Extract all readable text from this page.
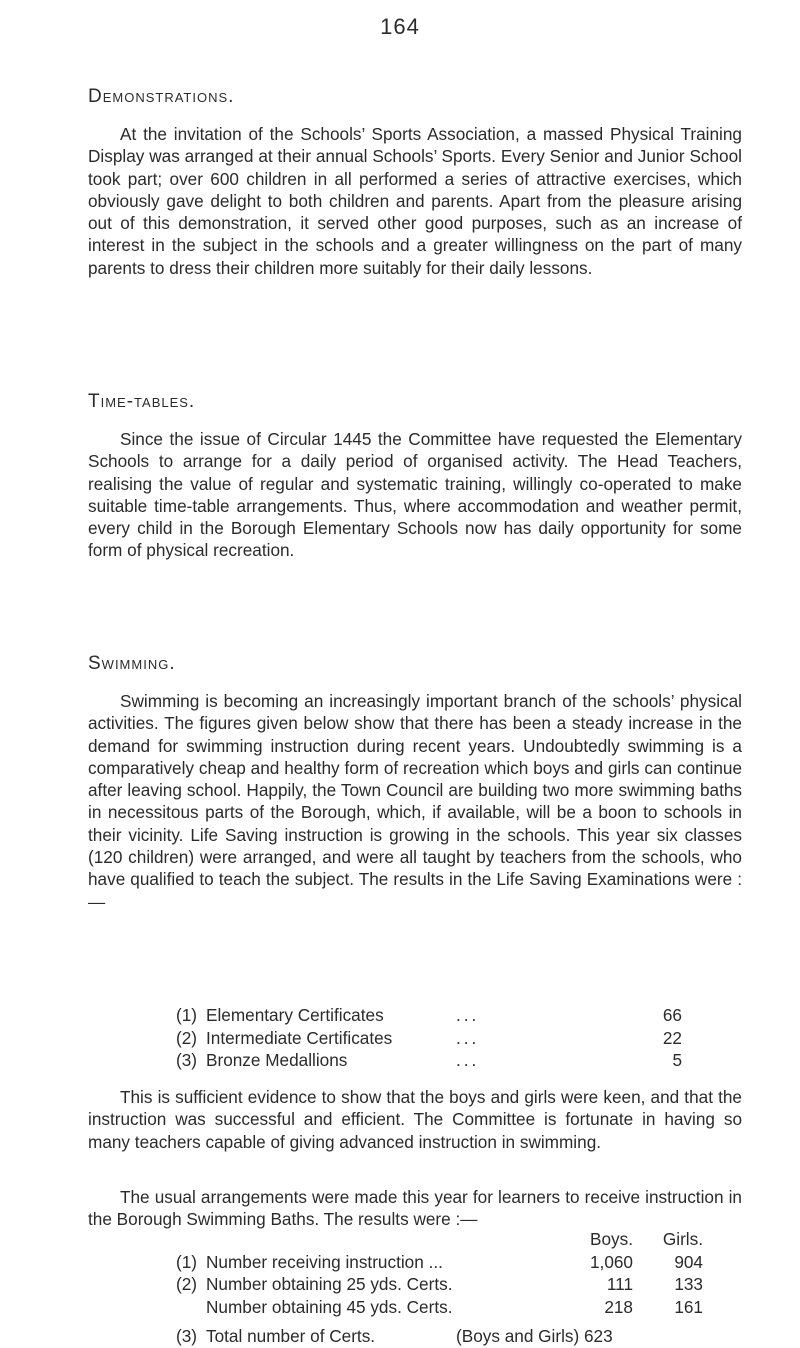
164
Demonstrations.

At the invitation of the Schools’ Sports Association, a massed Physical Training Display was arranged at their annual Schools’ Sports. Every Senior and Junior School took part; over 600 children in all performed a series of attractive exercises, which obviously gave delight to both children and parents. Apart from the pleasure arising out of this demonstration, it served other good purposes, such as an increase of interest in the subject in the schools and a greater willingness on the part of many parents to dress their children more suitably for their daily lessons.

Time-tables.

Since the issue of Circular 1445 the Committee have requested the Elementary Schools to arrange for a daily period of organised activity. The Head Teachers, realising the value of regular and systematic training, willingly co-operated to make suitable time-table arrangements. Thus, where accommodation and weather permit, every child in the Borough Elementary Schools now has daily opportunity for some form of physical recreation.

Swimming.

Swimming is becoming an increasingly important branch of the schools’ physical activities. The figures given below show that there has been a steady increase in the demand for swimming instruction during recent years. Undoubtedly swimming is a comparatively cheap and healthy form of recreation which boys and girls can continue after leaving school. Happily, the Town Council are building two more swimming baths in necessitous parts of the Borough, which, if available, will be a boon to schools in their vicinity. Life Saving instruction is growing in the schools. This year six classes (120 children) were arranged, and were all taught by teachers from the schools, who have qualified to teach the subject. The results in the Life Saving Examinations were :—

(1) Elementary Certificates	...	66
(2) Intermediate Certificates	...	22
(3) Bronze Medallions	...	5

This is sufficient evidence to show that the boys and girls were keen, and that the instruction was successful and efficient. The Committee is fortunate in having so many teachers capable of giving advanced instruction in swimming.

The usual arrangements were made this year for learners to receive instruction in the Borough Swimming Baths. The results were :—

Boys.	Girls.
(1) Number receiving instruction ...	1,060	904
(2) Number obtaining 25 yds. Certs.	111	133
Number obtaining 45 yds. Certs.	218	161
(3) Total number of Certs.	(Boys and Girls) 623
